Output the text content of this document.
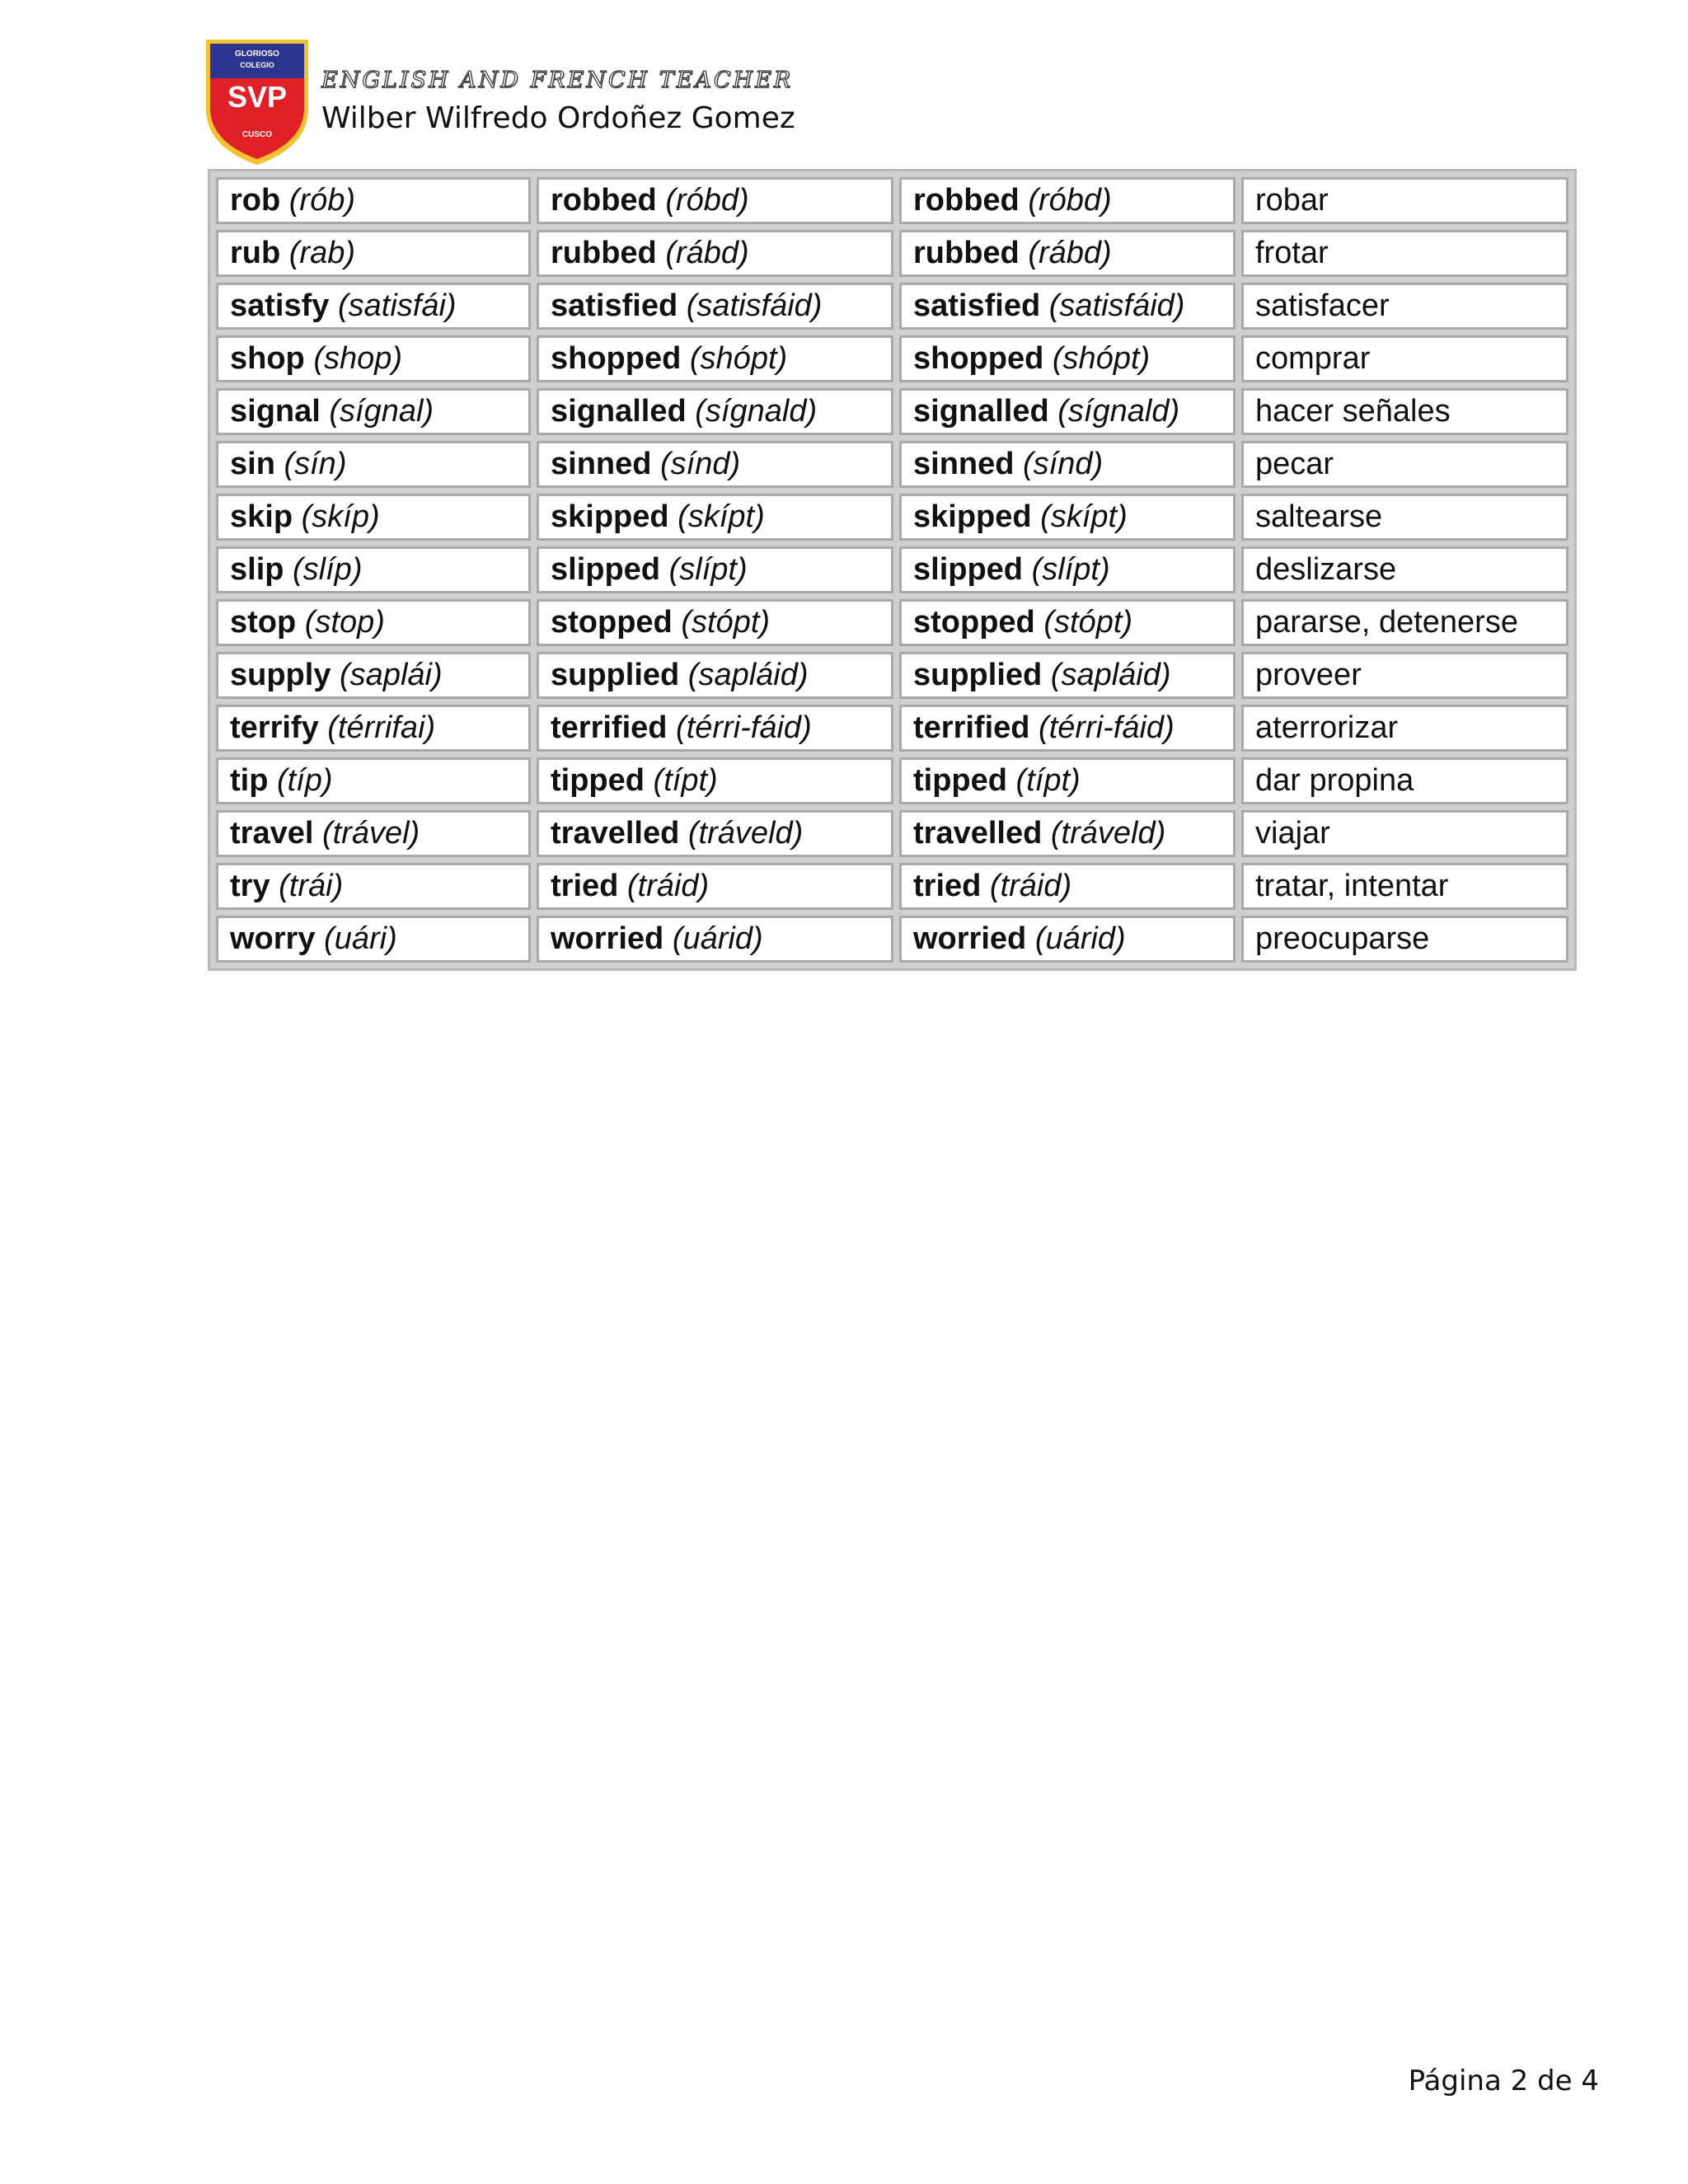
GLORIOSO
COLEGIO
SVP
CUSCO
ENGLISH AND FRENCH TEACHER
Wilber Wilfredo Ordoñez Gomez
rob (rób)	robbed (róbd)	robbed (róbd)	robar
rub (rab)	rubbed (rábd)	rubbed (rábd)	frotar
satisfy (satisfái)	satisfied (satisfáid)	satisfied (satisfáid)	satisfacer
shop (shop)	shopped (shópt)	shopped (shópt)	comprar
signal (sígnal)	signalled (sígnald)	signalled (sígnald)	hacer señales
sin (sín)	sinned (sínd)	sinned (sínd)	pecar
skip (skíp)	skipped (skípt)	skipped (skípt)	saltearse
slip (slíp)	slipped (slípt)	slipped (slípt)	deslizarse
stop (stop)	stopped (stópt)	stopped (stópt)	pararse, detenerse
supply (saplái)	supplied (sapláid)	supplied (sapláid)	proveer
terrify (térrifai)	terrified (térri-fáid)	terrified (térri-fáid)	aterrorizar
tip (típ)	tipped (típt)	tipped (típt)	dar propina
travel (trável)	travelled (tráveld)	travelled (tráveld)	viajar
try (trái)	tried (tráid)	tried (tráid)	tratar, intentar
worry (uári)	worried (uárid)	worried (uárid)	preocuparse
Página 2 de 4
